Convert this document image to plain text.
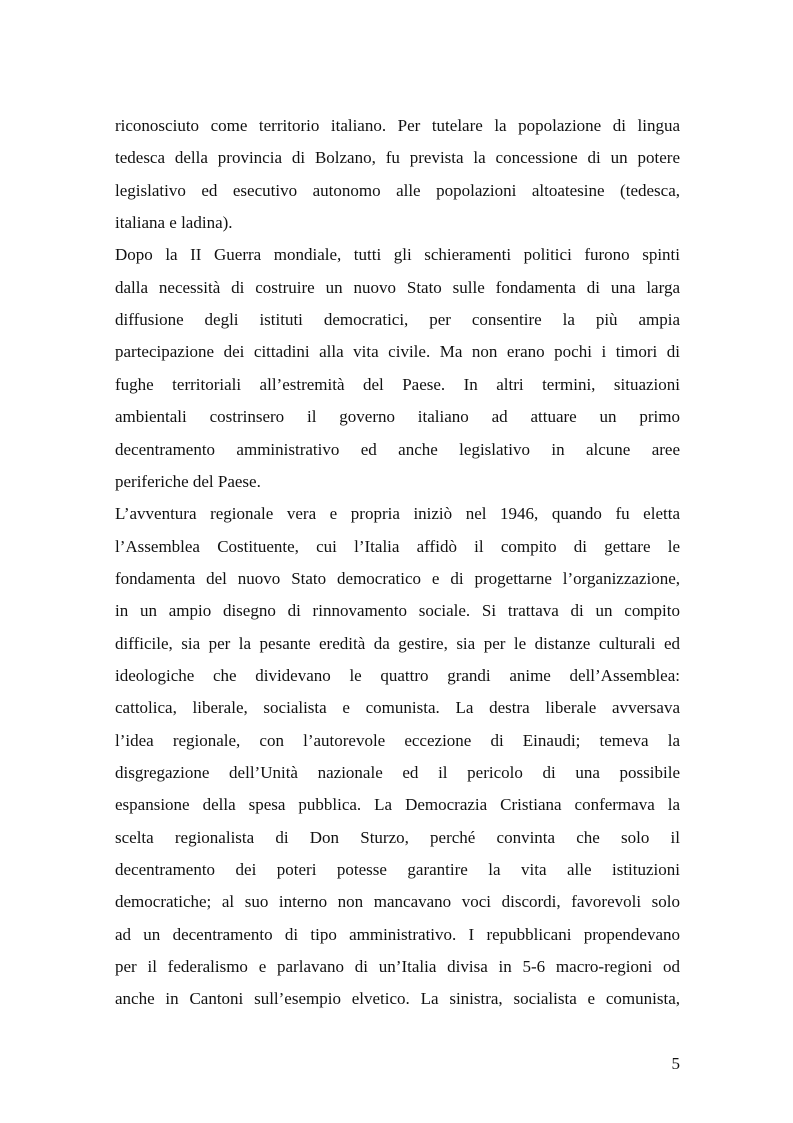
riconosciuto come territorio italiano. Per tutelare la popolazione di lingua
tedesca della provincia di Bolzano, fu prevista la concessione di un potere
legislativo ed esecutivo autonomo alle popolazioni altoatesine (tedesca,
italiana e ladina).
Dopo la II Guerra mondiale, tutti gli schieramenti politici furono spinti
dalla necessità di costruire un nuovo Stato sulle fondamenta di una larga
diffusione degli istituti democratici, per consentire la più ampia
partecipazione dei cittadini alla vita civile. Ma non erano pochi i timori di
fughe territoriali all’estremità del Paese. In altri termini, situazioni
ambientali costrinsero il governo italiano ad attuare un primo
decentramento amministrativo ed anche legislativo in alcune aree
periferiche del Paese.
L’avventura regionale vera e propria iniziò nel 1946, quando fu eletta
l’Assemblea Costituente, cui l’Italia affidò il compito di gettare le
fondamenta del nuovo Stato democratico e di progettarne l’organizzazione,
in un ampio disegno di rinnovamento sociale. Si trattava di un compito
difficile, sia per la pesante eredità da gestire, sia per le distanze culturali ed
ideologiche che dividevano le quattro grandi anime dell’Assemblea:
cattolica, liberale, socialista e comunista. La destra liberale avversava
l’idea regionale, con l’autorevole eccezione di Einaudi; temeva la
disgregazione dell’Unità nazionale ed il pericolo di una possibile
espansione della spesa pubblica. La Democrazia Cristiana confermava la
scelta regionalista di Don Sturzo, perché convinta che solo il
decentramento dei poteri potesse garantire la vita alle istituzioni
democratiche; al suo interno non mancavano voci discordi, favorevoli solo
ad un decentramento di tipo amministrativo. I repubblicani propendevano
per il federalismo e parlavano di un’Italia divisa in 5-6 macro-regioni od
anche in Cantoni sull’esempio elvetico. La sinistra, socialista e comunista,
5
